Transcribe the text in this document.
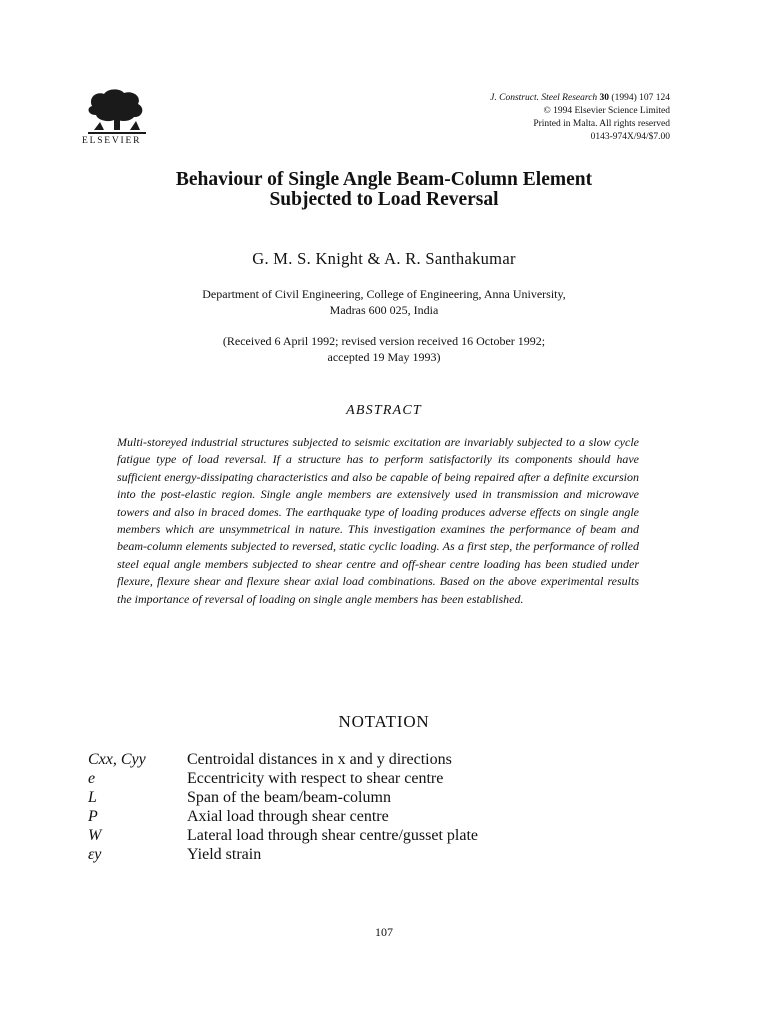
ELSEVIER
J. Construct. Steel Research 30 (1994) 107 124
© 1994 Elsevier Science Limited
Printed in Malta. All rights reserved
0143-974X/94/$7.00
Behaviour of Single Angle Beam-Column Element
Subjected to Load Reversal
G. M. S. Knight & A. R. Santhakumar
Department of Civil Engineering, College of Engineering, Anna University,
Madras 600 025, India
(Received 6 April 1992; revised version received 16 October 1992;
accepted 19 May 1993)
ABSTRACT
Multi-storeyed industrial structures subjected to seismic excitation are invariably subjected to a slow cycle fatigue type of load reversal. If a structure has to perform satisfactorily its components should have sufficient energy-dissipating characteristics and also be capable of being repaired after a definite excursion into the post-elastic region. Single angle members are extensively used in transmission and microwave towers and also in braced domes. The earthquake type of loading produces adverse effects on single angle members which are unsymmetrical in nature. This investigation examines the performance of beam and beam-column elements subjected to reversed, static cyclic loading. As a first step, the performance of rolled steel equal angle members subjected to shear centre and off-shear centre loading has been studied under flexure, flexure shear and flexure shear axial load combinations. Based on the above experimental results the importance of reversal of loading on single angle members has been established.
NOTATION
Cxx, Cyy	Centroidal distances in x and y directions
e	Eccentricity with respect to shear centre
L	Span of the beam/beam-column
P	Axial load through shear centre
W	Lateral load through shear centre/gusset plate
εy	Yield strain
107
